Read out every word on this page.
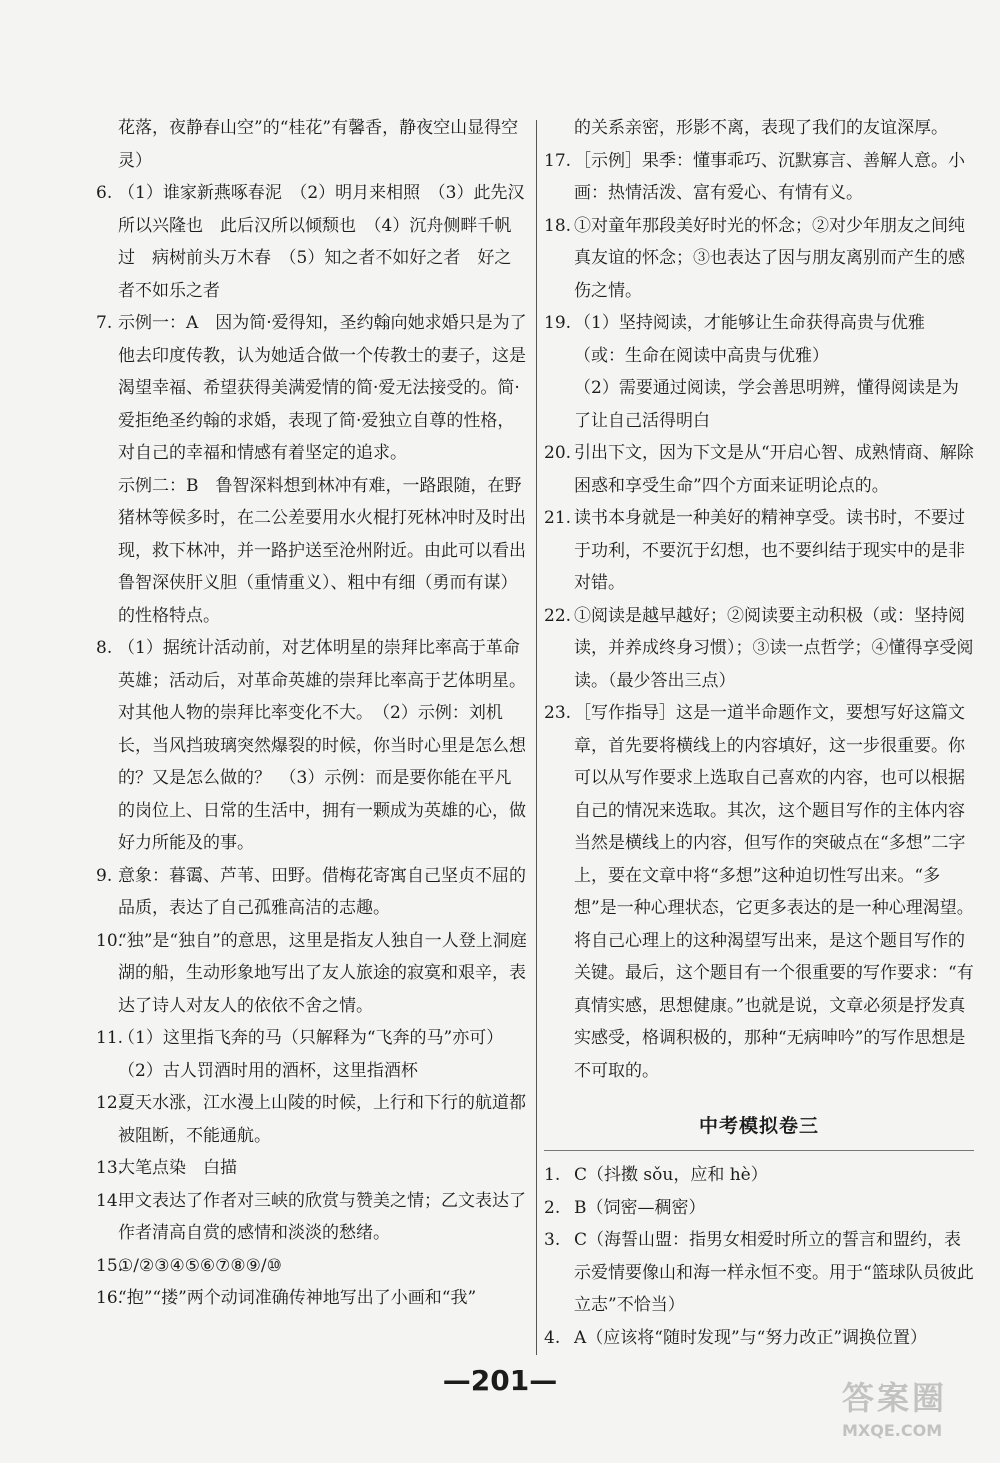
花落，夜静春山空”的“桂花”有馨香，静夜空山显得空灵）

6. （1）谁家新燕啄春泥　（2）明月来相照　（3）此先汉所以兴隆也　此后汉所以倾颓也　（4）沉舟侧畔千帆过　病树前头万木春　（5）知之者不如好之者　好之者不如乐之者

7. 示例一：A　因为简·爱得知，圣约翰向她求婚只是为了他去印度传教，认为她适合做一个传教士的妻子，这是渴望幸福、希望获得美满爱情的简·爱无法接受的。简·爱拒绝圣约翰的求婚，表现了简·爱独立自尊的性格，对自己的幸福和情感有着坚定的追求。

示例二：B　鲁智深料想到林冲有难，一路跟随，在野猪林等候多时，在二公差要用水火棍打死林冲时及时出现，救下林冲，并一路护送至沧州附近。由此可以看出鲁智深侠肝义胆（重情重义）、粗中有细（勇而有谋）的性格特点。

8. （1）据统计活动前，对艺体明星的崇拜比率高于革命英雄；活动后，对革命英雄的崇拜比率高于艺体明星。对其他人物的崇拜比率变化不大。　（2）示例：刘机长，当风挡玻璃突然爆裂的时候，你当时心里是怎么想的？又是怎么做的？　（3）示例：而是要你能在平凡的岗位上、日常的生活中，拥有一颗成为英雄的心，做好力所能及的事。

9. 意象：暮霭、芦苇、田野。借梅花寄寓自己坚贞不屈的品质，表达了自己孤雅高洁的志趣。

10.
“独”是“独自”的意思，这里是指友人独自一人登上洞庭湖的船，生动形象地写出了友人旅途的寂寞和艰辛，表达了诗人对友人的依依不舍之情。

11.
（1）这里指飞奔的马（只解释为“飞奔的马”亦可）（2）古人罚酒时用的酒杯，这里指酒杯

12.
夏天水涨，江水漫上山陵的时候，上行和下行的航道都被阻断，不能通航。

13.
大笔点染　白描

14.
甲文表达了作者对三峡的欣赏与赞美之情；乙文表达了作者清高自赏的感情和淡淡的愁绪。

15.
①/②③④⑤⑥⑦⑧⑨/⑩

16.
“抱”“搂”两个动词准确传神地写出了小画和“我”

的关系亲密，形影不离，表现了我们的友谊深厚。

17. ［示例］果季：懂事乖巧、沉默寡言、善解人意。小画：热情活泼、富有爱心、有情有义。

18. ①对童年那段美好时光的怀念；②对少年朋友之间纯真友谊的怀念；③也表达了因与朋友离别而产生的感伤之情。

19. （1）坚持阅读，才能够让生命获得高贵与优雅（或：生命在阅读中高贵与优雅）

（2）需要通过阅读，学会善思明辨，懂得阅读是为了让自己活得明白

20. 引出下文，因为下文是从“开启心智、成熟情商、解除困惑和享受生命”四个方面来证明论点的。

21. 读书本身就是一种美好的精神享受。读书时，不要过于功利，不要沉于幻想，也不要纠结于现实中的是非对错。

22. ①阅读是越早越好；②阅读要主动积极（或：坚持阅读，并养成终身习惯）；③读一点哲学；④懂得享受阅读。（最少答出三点）

23. ［写作指导］这是一道半命题作文，要想写好这篇文章，首先要将横线上的内容填好，这一步很重要。你可以从写作要求上选取自己喜欢的内容，也可以根据自己的情况来选取。其次，这个题目写作的主体内容当然是横线上的内容，但写作的突破点在“多想”二字上，要在文章中将“多想”这种迫切性写出来。“多想”是一种心理状态，它更多表达的是一种心理渴望。将自己心理上的这种渴望写出来，是这个题目写作的关键。最后，这个题目有一个很重要的写作要求：“有真情实感，思想健康。”也就是说，文章必须是抒发真实感受，格调积极的，那种“无病呻吟”的写作思想是不可取的。

中考模拟卷三

1. C（抖擞 sǒu，应和 hè）

2. B（饲密—稠密）

3. C（海誓山盟：指男女相爱时所立的誓言和盟约，表示爱情要像山和海一样永恒不变。用于“篮球队员彼此立志”不恰当）

4. A（应该将“随时发现”与“努力改正”调换位置）

—201—	答案圈
MXQE.COM
